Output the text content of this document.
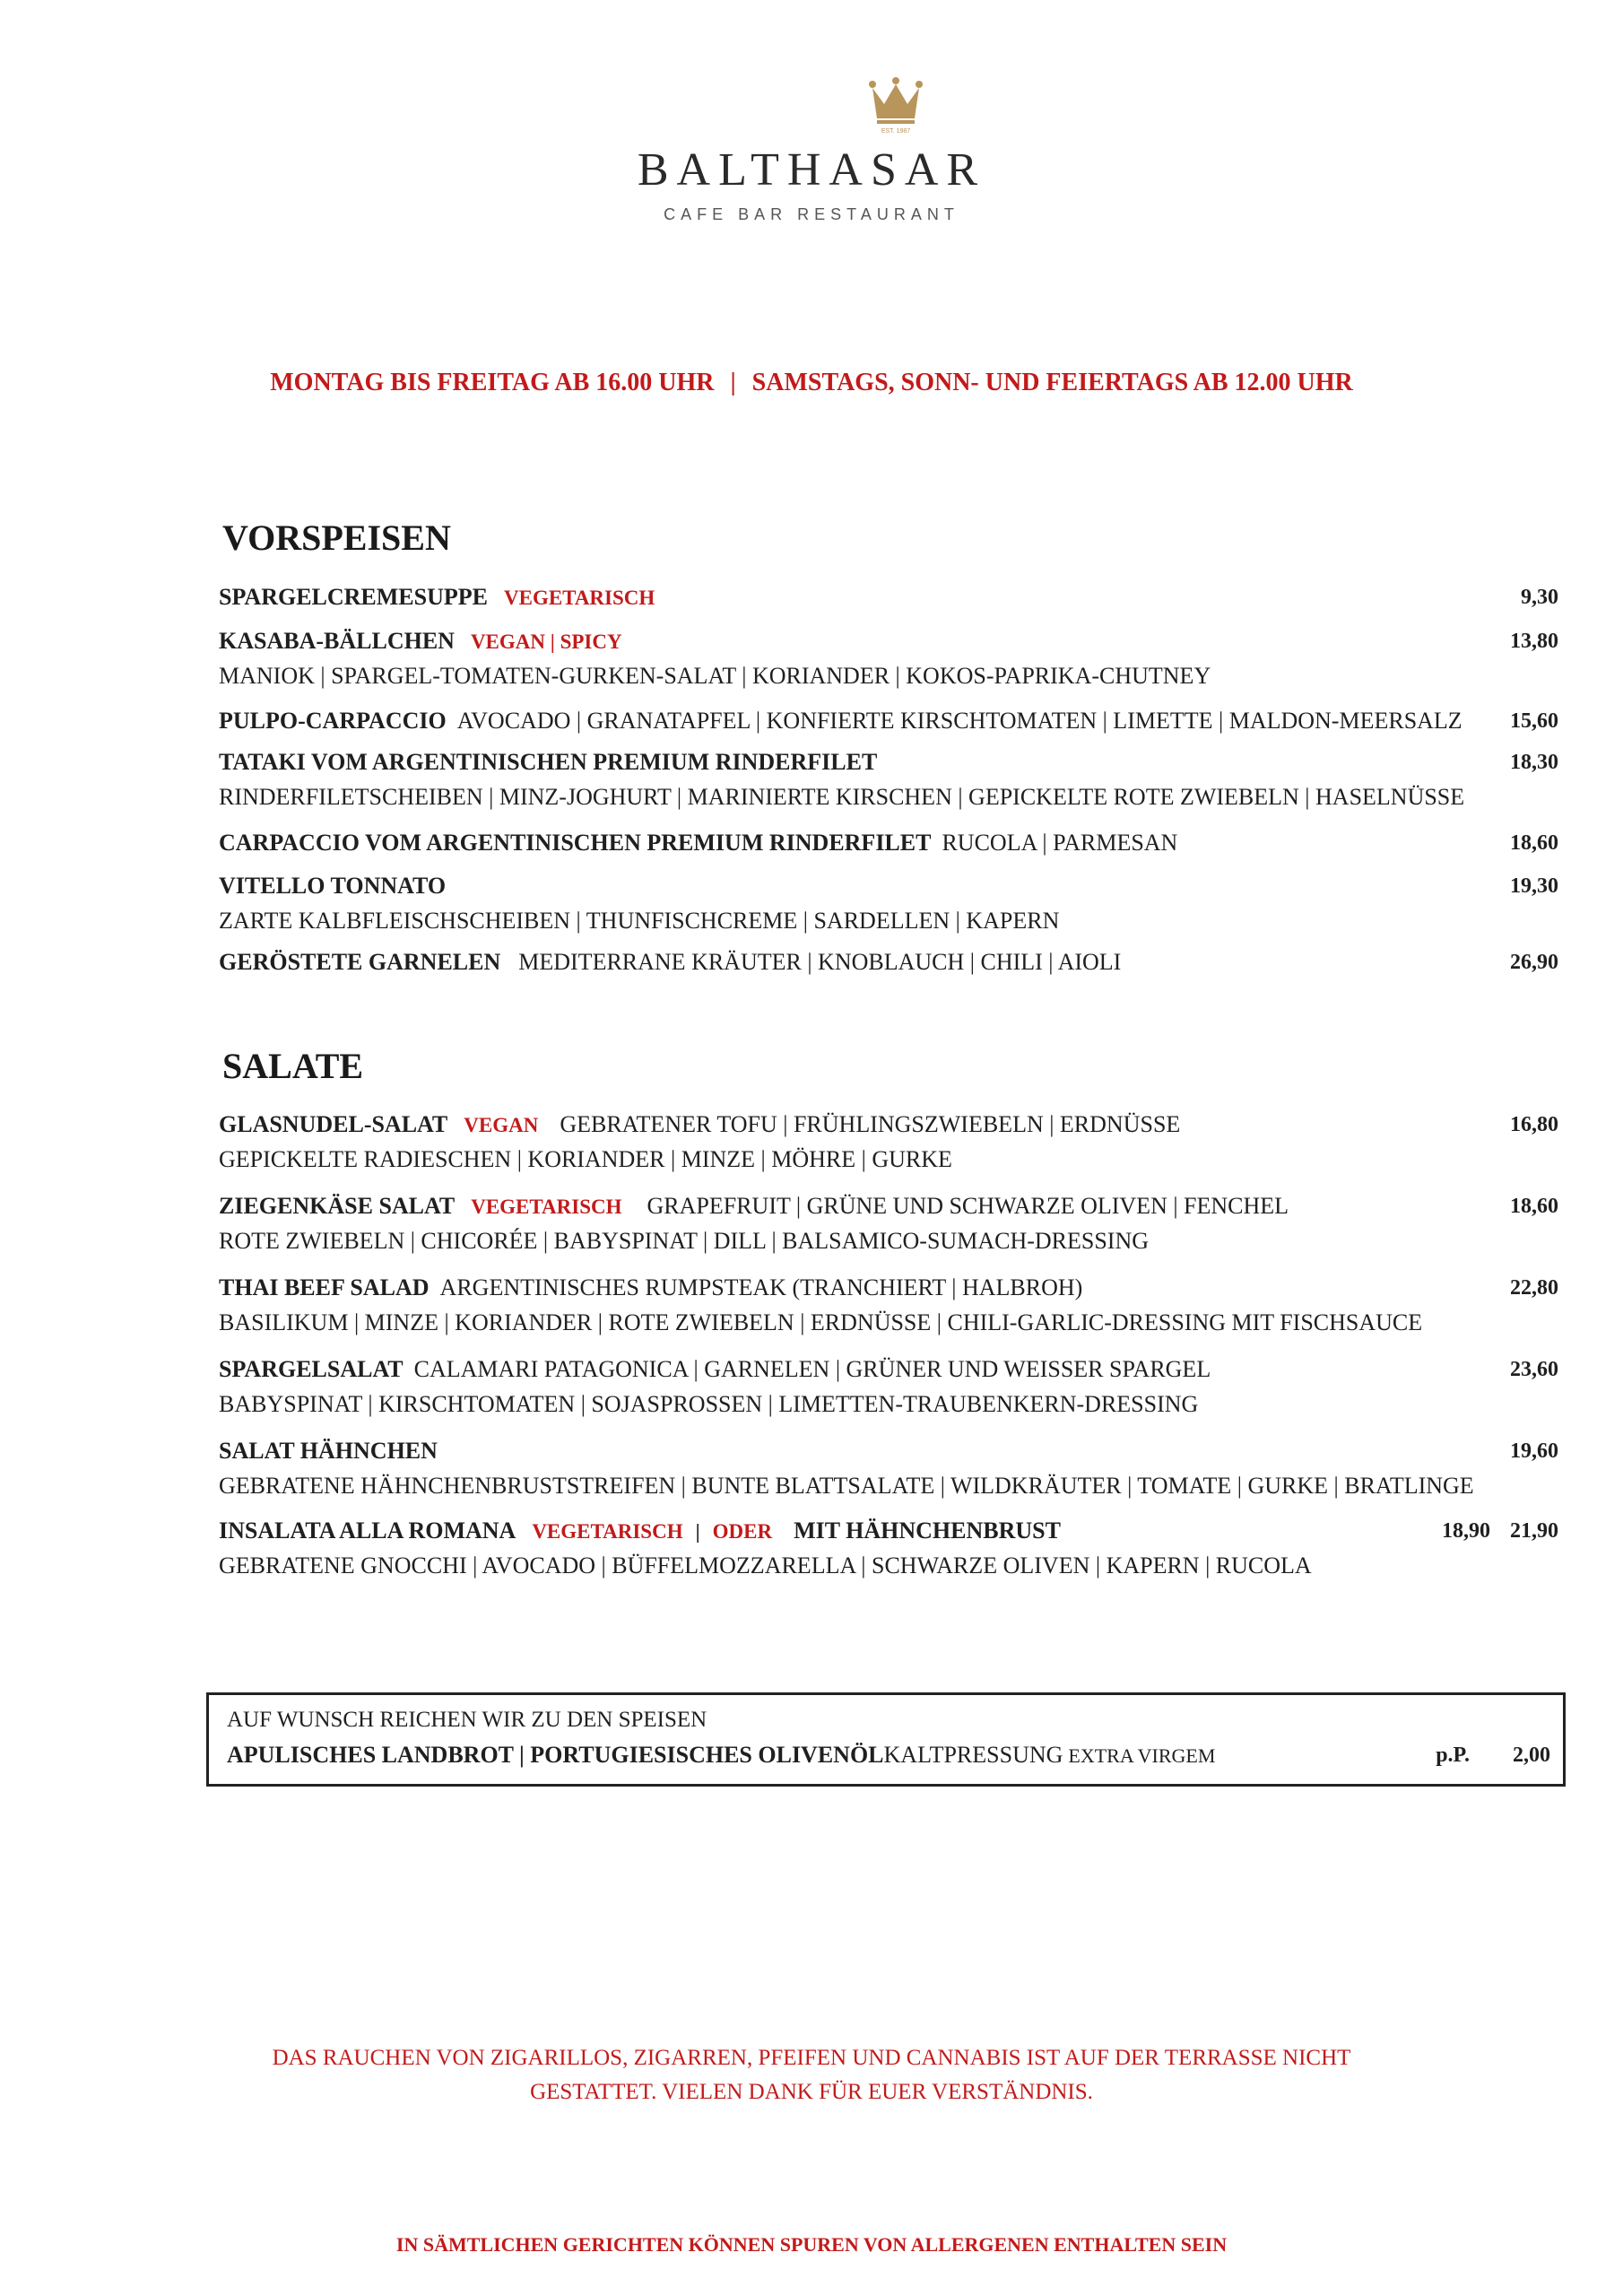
EST. 1987
BALTHASAR
CAFE BAR RESTAURANT
MONTAG BIS FREITAG AB 16.00 UHR | SAMSTAGS, SONN- UND FEIERTAGS AB 12.00 UHR
VORSPEISEN
SPARGELCREMESUPPE VEGETARISCH	9,30
KASABA-BÄLLCHEN VEGAN | SPICY	13,80
MANIOK | SPARGEL-TOMATEN-GURKEN-SALAT | KORIANDER | KOKOS-PAPRIKA-CHUTNEY
PULPO-CARPACCIO AVOCADO | GRANATAPFEL | KONFIERTE KIRSCHTOMATEN | LIMETTE | MALDON-MEERSALZ 15,60
TATAKI VOM ARGENTINISCHEN PREMIUM RINDERFILET	18,30
RINDERFILETSCHEIBEN | MINZ-JOGHURT | MARINIERTE KIRSCHEN | GEPICKELTE ROTE ZWIEBELN | HASELNÜSSE
CARPACCIO VOM ARGENTINISCHEN PREMIUM RINDERFILET RUCOLA | PARMESAN	18,60
VITELLO TONNATO	19,30
ZARTE KALBFLEISCHSCHEIBEN | THUNFISCHCREME | SARDELLEN | KAPERN
GERÖSTETE GARNELEN MEDITERRANE KRÄUTER | KNOBLAUCH | CHILI | AIOLI	26,90
SALATE
GLASNUDEL-SALAT VEGAN GEBRATENER TOFU | FRÜHLINGSZWIEBELN | ERDNÜSSE	16,80
GEPICKELTE RADIESCHEN | KORIANDER | MINZE | MÖHRE | GURKE
ZIEGENKÄSE SALAT VEGETARISCH GRAPEFRUIT | GRÜNE UND SCHWARZE OLIVEN | FENCHEL	18,60
ROTE ZWIEBELN | CHICORÉE | BABYSPINAT | DILL | BALSAMICO-SUMACH-DRESSING
THAI BEEF SALAD ARGENTINISCHES RUMPSTEAK (TRANCHIERT | HALBROH)	22,80
BASILIKUM | MINZE | KORIANDER | ROTE ZWIEBELN | ERDNÜSSE | CHILI-GARLIC-DRESSING MIT FISCHSAUCE
SPARGELSALAT CALAMARI PATAGONICA | GARNELEN | GRÜNER UND WEISSER SPARGEL	23,60
BABYSPINAT | KIRSCHTOMATEN | SOJASPROSSEN | LIMETTEN-TRAUBENKERN-DRESSING
SALAT HÄHNCHEN	19,60
GEBRATENE HÄHNCHENBRUSTSTREIFEN | BUNTE BLATTSALATE | WILDKRÄUTER | TOMATE | GURKE | BRATLINGE
INSALATA ALLA ROMANA VEGETARISCH | ODER MIT HÄHNCHENBRUST	18,90 21,90
GEBRATENE GNOCCHI | AVOCADO | BÜFFELMOZZARELLA | SCHWARZE OLIVEN | KAPERN | RUCOLA
AUF WUNSCH REICHEN WIR ZU DEN SPEISEN
APULISCHES LANDBROT | PORTUGIESISCHES OLIVENÖLKALTPRESSUNG EXTRA VIRGEM	p.P. 2,00
DAS RAUCHEN VON ZIGARILLOS, ZIGARREN, PFEIFEN UND CANNABIS IST AUF DER TERRASSE NICHT
GESTATTET. VIELEN DANK FÜR EUER VERSTÄNDNIS.
IN SÄMTLICHEN GERICHTEN KÖNNEN SPUREN VON ALLERGENEN ENTHALTEN SEIN
